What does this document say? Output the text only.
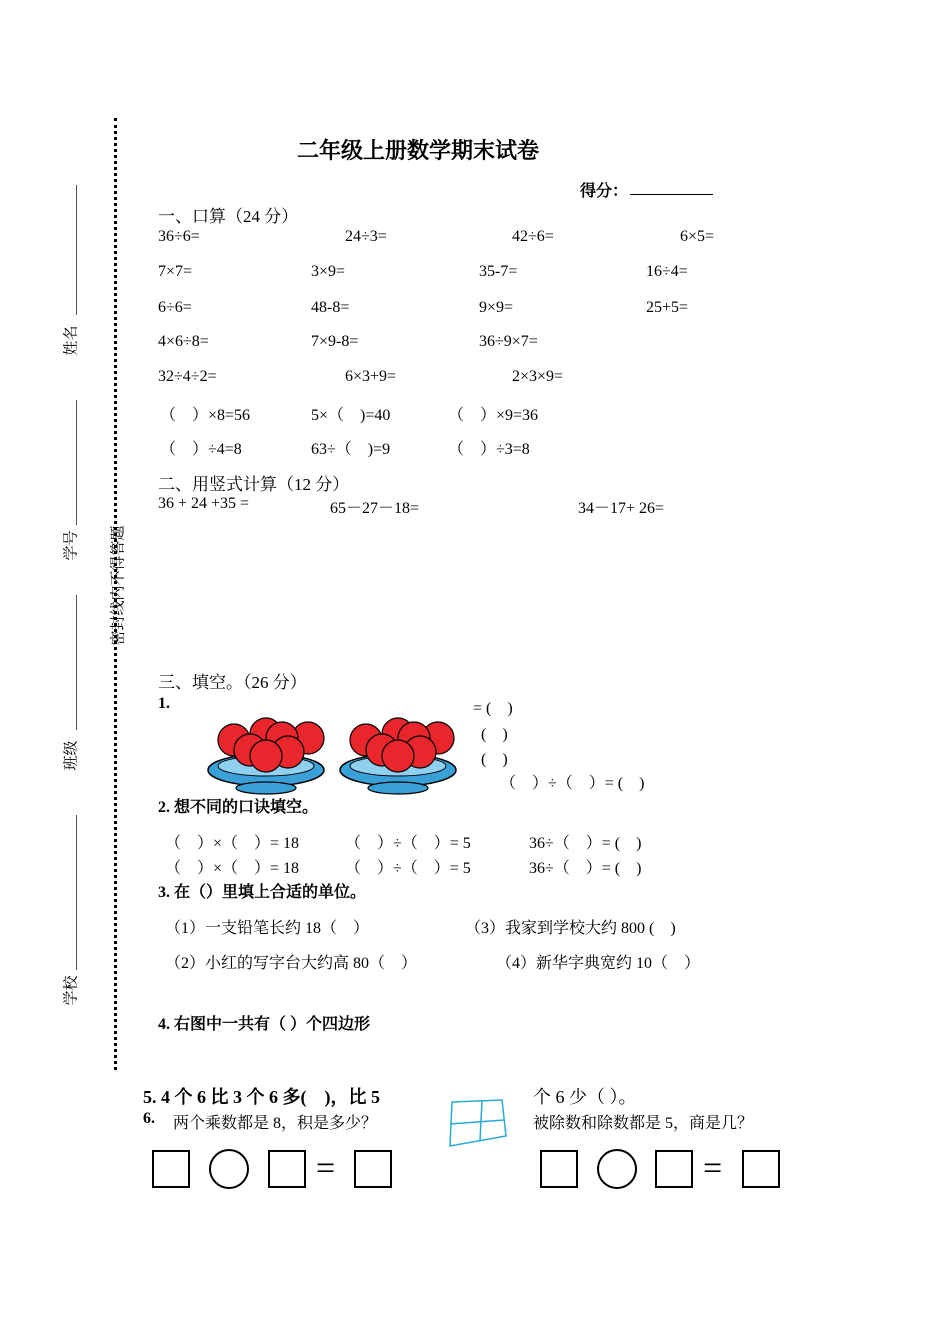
密封线内不得答题
姓名
学号
班级
学校
二年级上册数学期末试卷
得分：
一、口算（24 分）
36÷6=	24÷3=	42÷6=	6×5=
7×7=	3×9=	35-7=	16÷4=
6÷6=	48-8=	9×9=	25+5=
4×6÷8=	7×9-8=	36÷9×7=
32÷4÷2=	6×3+9=	2×3×9=
（　）×8=56	5×（　)=40	（　）×9=36
（　）÷4=8	63÷（　)=9	（　）÷3=8
二、用竖式计算（12 分）
36 + 24 +35 =	65－27－18=	34－17+ 26=
三、填空。（26 分）
1.	= (　)
(　)
(　)
（　）÷（　）= (　)
2. 想不同的口诀填空。
（　）×（　）= 18	（　）÷（　）= 5	36÷（　）= (　)
（　）×（　）= 18	（　）÷（　）= 5	36÷（　）= (　)
3. 在（）里填上合适的单位。
（1）一支铅笔长约 18（　）	（3）我家到学校大约 800 (　)
（2）小红的写字台大约高 80（　）	（4）新华字典宽约 10（　）
4. 右图中一共有（ ）个四边形
5. 4 个 6 比 3 个 6 多(　)，比 5	个 6 少（ ）。
6. 两个乘数都是 8，积是多少？	被除数和除数都是 5，商是几？
=	=
